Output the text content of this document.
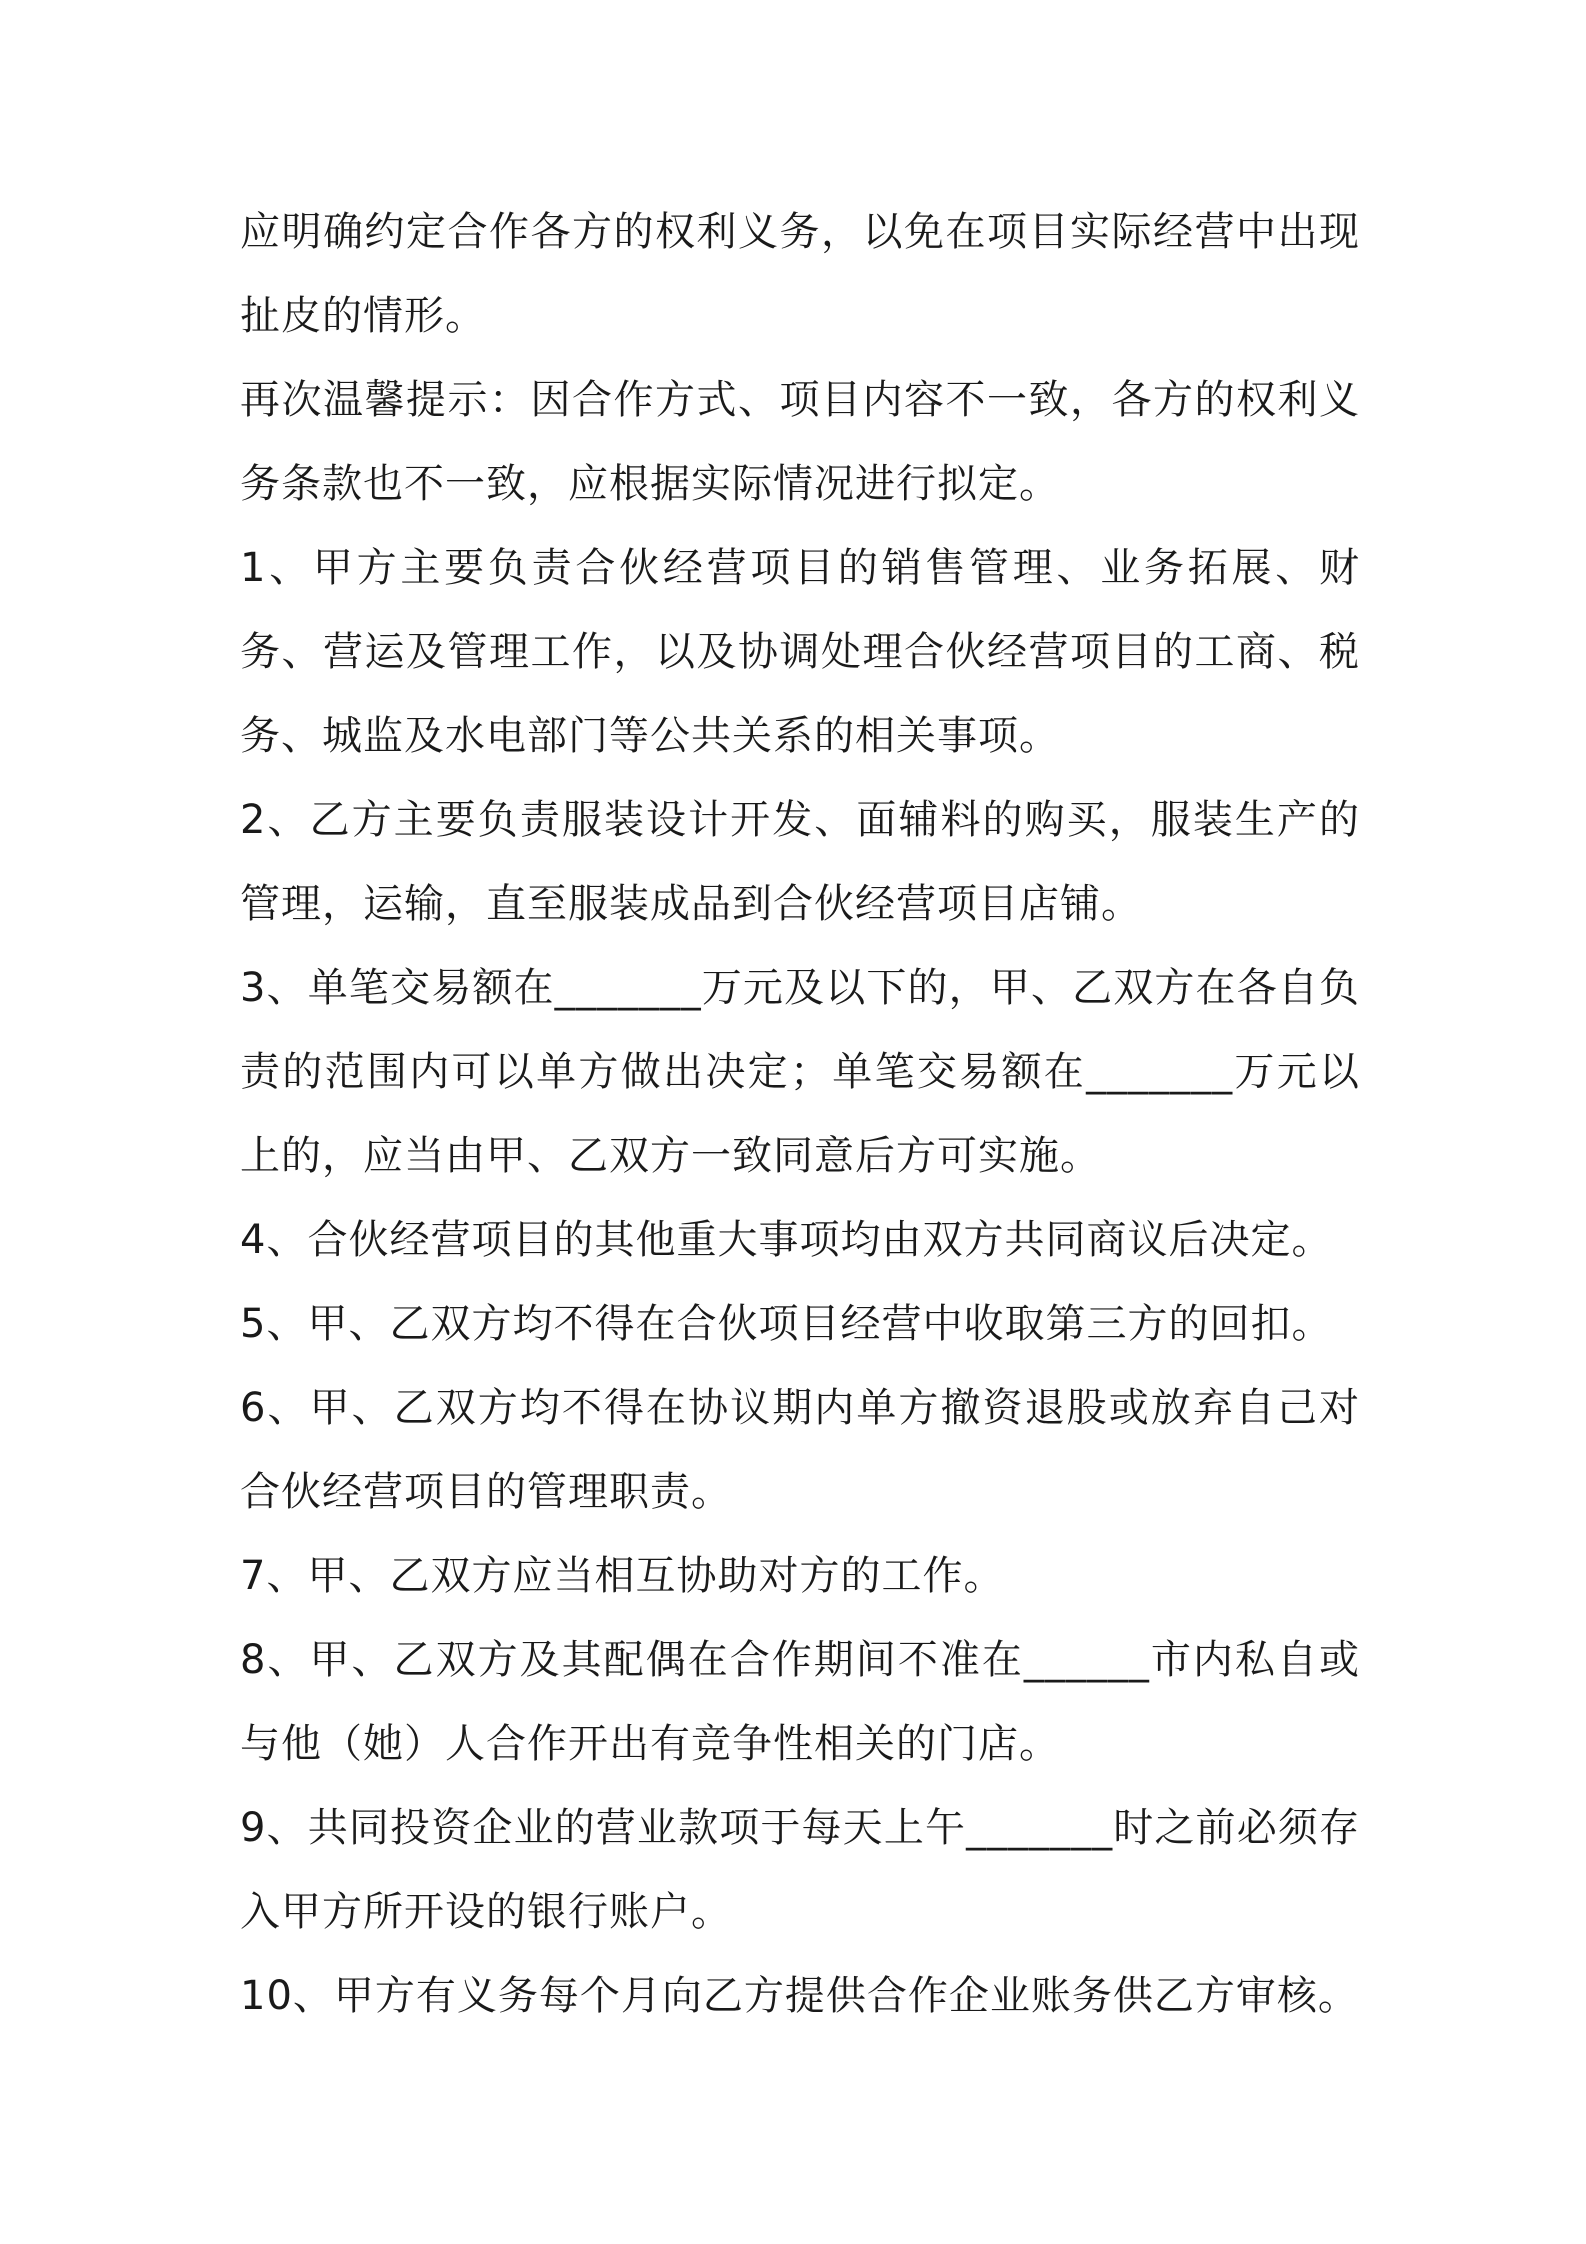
应明确约定合作各方的权利义务，以免在项目实际经营中出现扯皮的情形。

再次温馨提示：因合作方式、项目内容不一致，各方的权利义务条款也不一致，应根据实际情况进行拟定。

1、甲方主要负责合伙经营项目的销售管理、业务拓展、财务、营运及管理工作，以及协调处理合伙经营项目的工商、税务、城监及水电部门等公共关系的相关事项。

2、乙方主要负责服装设计开发、面辅料的购买，服装生产的管理，运输，直至服装成品到合伙经营项目店铺。

3、单笔交易额在_______万元及以下的，甲、乙双方在各自负责的范围内可以单方做出决定；单笔交易额在_______万元以上的，应当由甲、乙双方一致同意后方可实施。

4、合伙经营项目的其他重大事项均由双方共同商议后决定。

5、甲、乙双方均不得在合伙项目经营中收取第三方的回扣。

6、甲、乙双方均不得在协议期内单方撤资退股或放弃自己对合伙经营项目的管理职责。

7、甲、乙双方应当相互协助对方的工作。

8、甲、乙双方及其配偶在合作期间不准在______市内私自或与他（她）人合作开出有竞争性相关的门店。

9、共同投资企业的营业款项于每天上午_______时之前必须存入甲方所开设的银行账户。

10、甲方有义务每个月向乙方提供合作企业账务供乙方审核。
